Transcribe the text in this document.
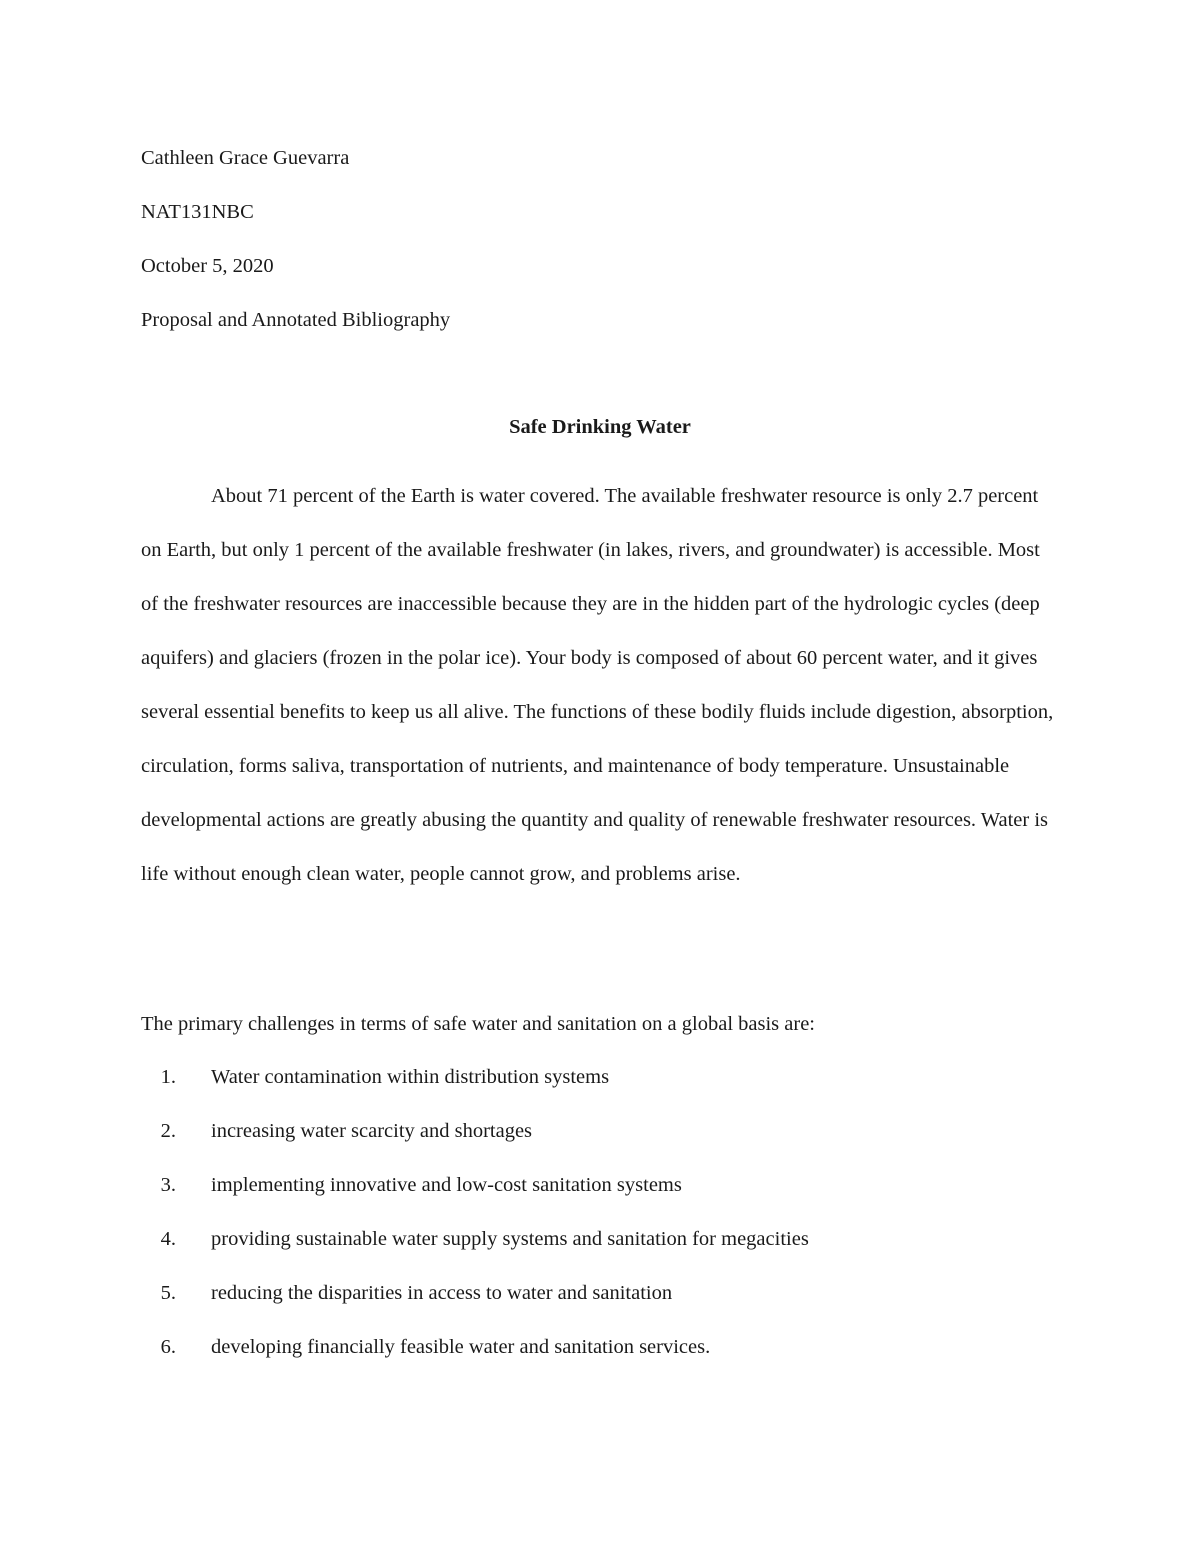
Cathleen Grace Guevarra
NAT131NBC
October 5, 2020
Proposal and Annotated Bibliography
Safe Drinking Water

About 71 percent of the Earth is water covered. The available freshwater resource is only 2.7 percent on Earth, but only 1 percent of the available freshwater (in lakes, rivers, and groundwater) is accessible. Most of the freshwater resources are inaccessible because they are in the hidden part of the hydrologic cycles (deep aquifers) and glaciers (frozen in the polar ice). Your body is composed of about 60 percent water, and it gives several essential benefits to keep us all alive. The functions of these bodily fluids include digestion, absorption, circulation, forms saliva, transportation of nutrients, and maintenance of body temperature. Unsustainable developmental actions are greatly abusing the quantity and quality of renewable freshwater resources. Water is life without enough clean water, people cannot grow, and problems arise.

The primary challenges in terms of safe water and sanitation on a global basis are:
1. Water contamination within distribution systems
2. increasing water scarcity and shortages
3. implementing innovative and low-cost sanitation systems
4. providing sustainable water supply systems and sanitation for megacities
5. reducing the disparities in access to water and sanitation
6. developing financially feasible water and sanitation services.
